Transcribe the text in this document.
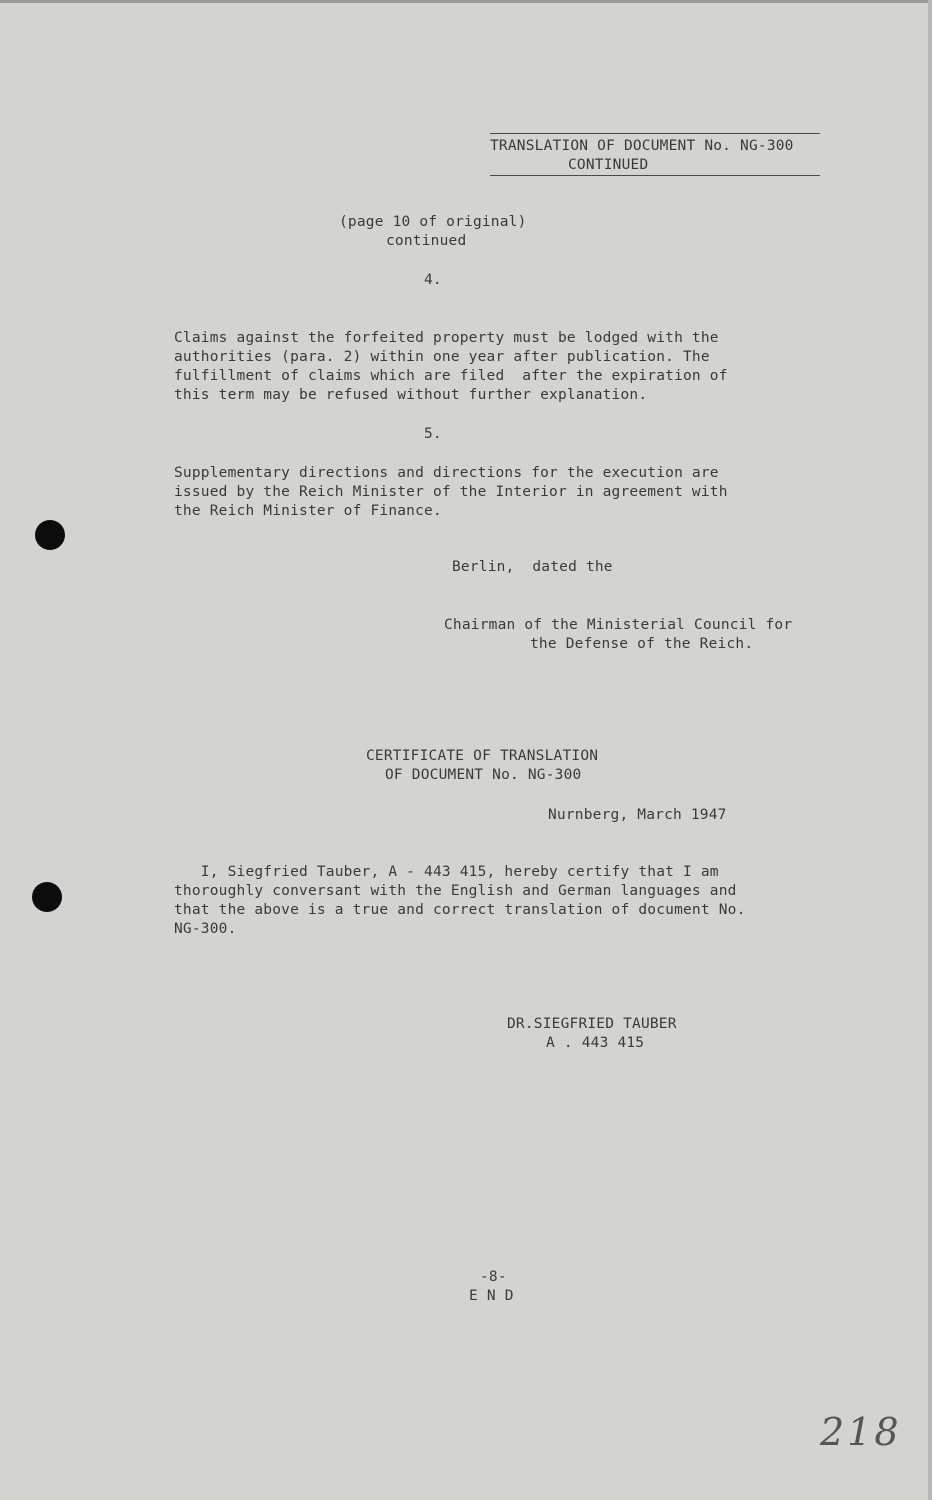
TRANSLATION OF DOCUMENT No. NG-300
CONTINUED
(page 10 of original)
continued
4.
Claims against the forfeited property must be lodged with the
authorities (para. 2) within one year after publication. The
fulfillment of claims which are filed  after the expiration of
this term may be refused without further explanation.
5.
Supplementary directions and directions for the execution are
issued by the Reich Minister of the Interior in agreement with
the Reich Minister of Finance.
Berlin,  dated the
Chairman of the Ministerial Council for
the Defense of the Reich.
CERTIFICATE OF TRANSLATION
OF DOCUMENT No. NG-300
Nurnberg, March 1947
I, Siegfried Tauber, A - 443 415, hereby certify that I am
thoroughly conversant with the English and German languages and
that the above is a true and correct translation of document No.
NG-300.
DR.SIEGFRIED TAUBER
A . 443 415
-8-
E N D
218
